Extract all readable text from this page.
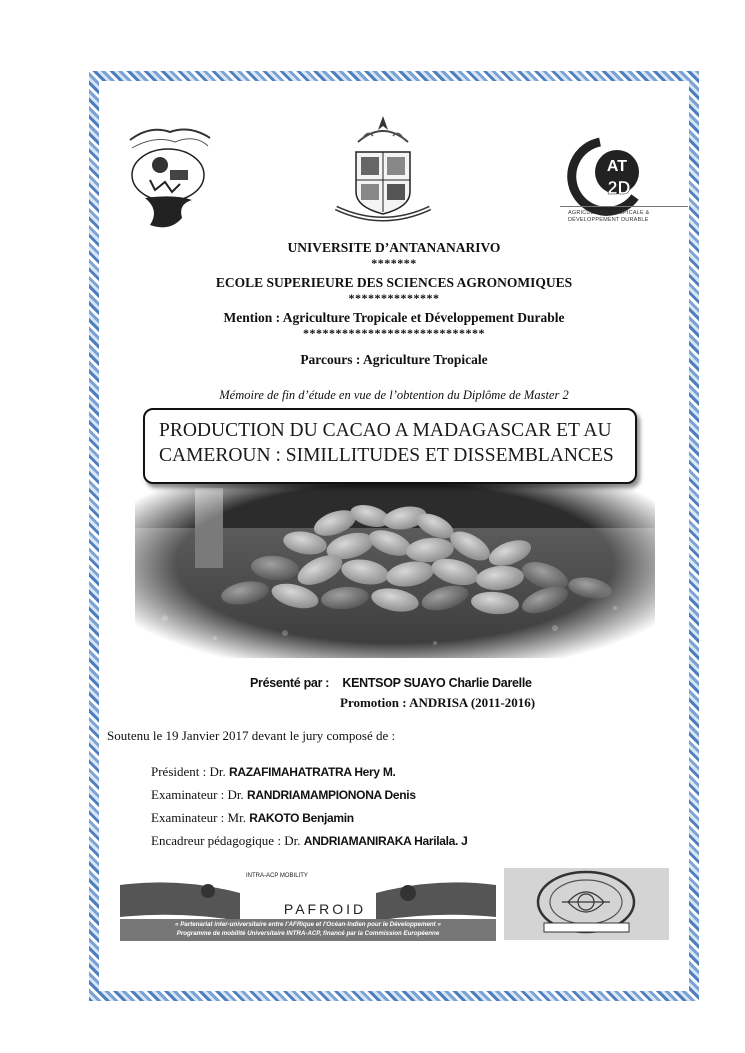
AT
2D
AGRICULTURE TROPICALE &
DÉVELOPPEMENT DURABLE
UNIVERSITE D’ANTANANARIVO
*******
ECOLE SUPERIEURE DES SCIENCES AGRONOMIQUES
**************
Mention : Agriculture Tropicale et Développement Durable
****************************
Parcours : Agriculture Tropicale
Mémoire de fin d’étude en vue de l’obtention du Diplôme de Master 2
PRODUCTION DU CACAO A MADAGASCAR ET AU
CAMEROUN : SIMILLITUDES ET DISSEMBLANCES
Présenté par : KENTSOP SUAYO Charlie Darelle
Promotion : ANDRISA (2011-2016)
Soutenu le 19 Janvier 2017 devant le jury composé de :
Président : Dr. RAZAFIMAHATRATRA Hery M.
Examinateur : Dr. RANDRIAMAMPIONONA Denis
Examinateur : Mr. RAKOTO Benjamin
Encadreur pédagogique : Dr. ANDRIAMANIRAKA Harilala. J
INTRA-ACP MOBILITY
PAFROID
« Partenariat inter-universitaire entre l’AFRique et l’Océan-Indien pour le Développement »
Programme de mobilité Universitaire INTRA-ACP, financé par la Commission Européenne
